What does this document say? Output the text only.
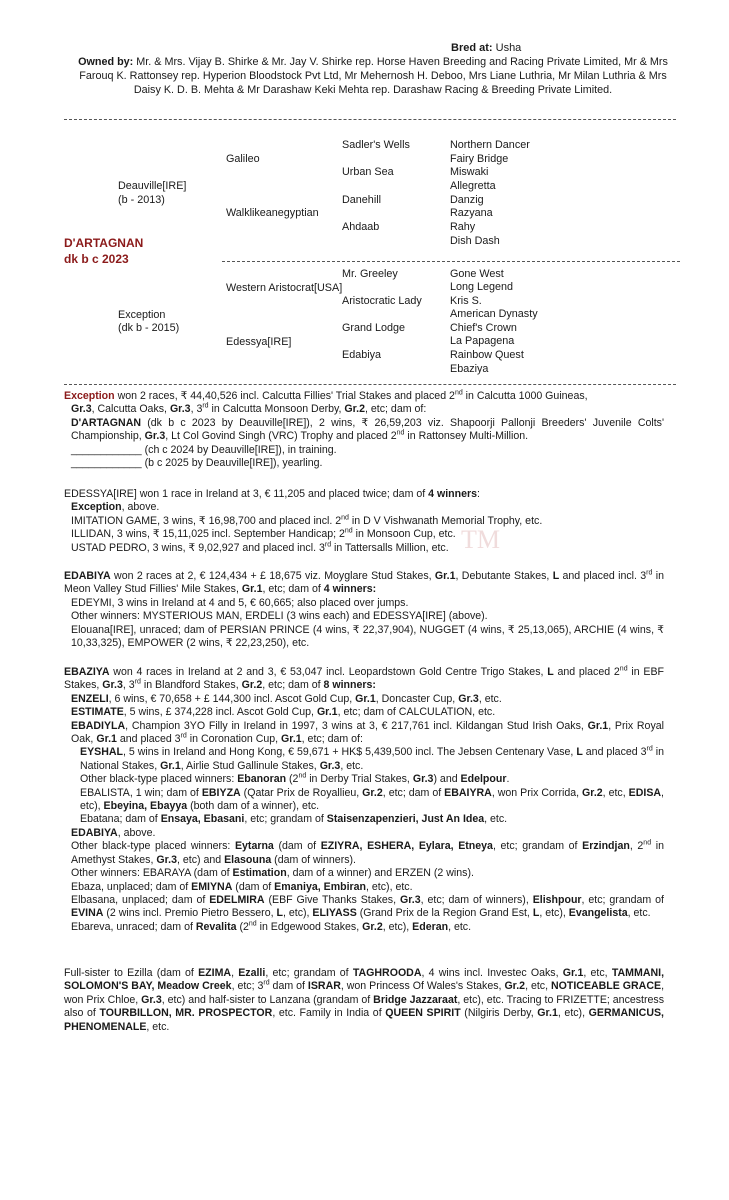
TM
Bred at: Usha
Owned by: Mr. & Mrs. Vijay B. Shirke & Mr. Jay V. Shirke rep. Horse Haven Breeding and Racing Private Limited, Mr & Mrs Farouq K. Rattonsey rep. Hyperion Bloodstock Pvt Ltd, Mr Mehernosh H. Deboo, Mrs Liane Luthria, Mr Milan Luthria & Mrs Daisy K. D. B. Mehta & Mr Darashaw Keki Mehta rep. Darashaw Racing & Breeding Private Limited.
Sadler's Wells
Urban Sea
Danehill
Ahdaab
Mr. Greeley
Aristocratic Lady
Grand Lodge
Edabiya
Northern Dancer
Fairy Bridge
Miswaki
Allegretta
Danzig
Razyana
Rahy
Dish Dash
Gone West
Long Legend
Kris S.
American Dynasty
Chief's Crown
La Papagena
Rainbow Quest
Ebaziya
Galileo
Walklikeanegyptian
Western Aristocrat[USA]
Edessya[IRE]
Deauville[IRE]
(b - 2013)
Exception
(dk b - 2015)
D'ARTAGNAN
dk b c 2023

Exception won 2 races, ₹ 44,40,526 incl. Calcutta Fillies' Trial Stakes and placed 2nd in Calcutta 1000 Guineas,
Gr.3, Calcutta Oaks, Gr.3, 3rd in Calcutta Monsoon Derby, Gr.2, etc; dam of:

D'ARTAGNAN (dk b c 2023 by Deauville[IRE]), 2 wins, ₹ 26,59,203 viz. Shapoorji Pallonji Breeders' Juvenile Colts' Championship, Gr.3, Lt Col Govind Singh (VRC) Trophy and placed 2nd in Rattonsey Multi-Million.

____________ (ch c 2024 by Deauville[IRE]), in training.

____________ (b c 2025 by Deauville[IRE]), yearling.

EDESSYA[IRE] won 1 race in Ireland at 3, € 11,205 and placed twice; dam of 4 winners:

Exception, above.

IMITATION GAME, 3 wins, ₹ 16,98,700 and placed incl. 2nd in D V Vishwanath Memorial Trophy, etc.

ILLIDAN, 3 wins, ₹ 15,11,025 incl. September Handicap; 2nd in Monsoon Cup, etc.

USTAD PEDRO, 3 wins, ₹ 9,02,927 and placed incl. 3rd in Tattersalls Million, etc.

EDABIYA won 2 races at 2, € 124,434 + £ 18,675 viz. Moyglare Stud Stakes, Gr.1, Debutante Stakes, L and placed incl. 3rd in Meon Valley Stud Fillies' Mile Stakes, Gr.1, etc; dam of 4 winners:

EDEYMI, 3 wins in Ireland at 4 and 5, € 60,665; also placed over jumps.

Other winners: MYSTERIOUS MAN, ERDELI (3 wins each) and EDESSYA[IRE] (above).

Elouana[IRE], unraced; dam of PERSIAN PRINCE (4 wins, ₹ 22,37,904), NUGGET (4 wins, ₹ 25,13,065), ARCHIE (4 wins, ₹ 10,33,325), EMPOWER (2 wins, ₹ 22,23,250), etc.

EBAZIYA won 4 races in Ireland at 2 and 3, € 53,047 incl. Leopardstown Gold Centre Trigo Stakes, L and placed 2nd in EBF Stakes, Gr.3, 3rd in Blandford Stakes, Gr.2, etc; dam of 8 winners:

ENZELI, 6 wins, € 70,658 + £ 144,300 incl. Ascot Gold Cup, Gr.1, Doncaster Cup, Gr.3, etc.

ESTIMATE, 5 wins, £ 374,228 incl. Ascot Gold Cup, Gr.1, etc; dam of CALCULATION, etc.

EBADIYLA, Champion 3YO Filly in Ireland in 1997, 3 wins at 3, € 217,761 incl. Kildangan Stud Irish Oaks, Gr.1, Prix Royal Oak, Gr.1 and placed 3rd in Coronation Cup, Gr.1, etc; dam of:

EYSHAL, 5 wins in Ireland and Hong Kong, € 59,671 + HK$ 5,439,500 incl. The Jebsen Centenary Vase, L and placed 3rd in National Stakes, Gr.1, Airlie Stud Gallinule Stakes, Gr.3, etc.

Other black-type placed winners: Ebanoran (2nd in Derby Trial Stakes, Gr.3) and Edelpour.

EBALISTA, 1 win; dam of EBIYZA (Qatar Prix de Royallieu, Gr.2, etc; dam of EBAIYRA, won Prix Corrida, Gr.2, etc, EDISA, etc), Ebeyina, Ebayya (both dam of a winner), etc.

Ebatana; dam of Ensaya, Ebasani, etc; grandam of Staisenzapenzieri, Just An Idea, etc.

EDABIYA, above.

Other black-type placed winners: Eytarna (dam of EZIYRA, ESHERA, Eylara, Etneya, etc; grandam of Erzindjan, 2nd in Amethyst Stakes, Gr.3, etc) and Elasouna (dam of winners).

Other winners: EBARAYA (dam of Estimation, dam of a winner) and ERZEN (2 wins).

Ebaza, unplaced; dam of EMIYNA (dam of Emaniya, Embiran, etc), etc.

Elbasana, unplaced; dam of EDELMIRA (EBF Give Thanks Stakes, Gr.3, etc; dam of winners), Elishpour, etc; grandam of EVINA (2 wins incl. Premio Pietro Bessero, L, etc), ELIYASS (Grand Prix de la Region Grand Est, L, etc), Evangelista, etc.

Ebareva, unraced; dam of Revalita (2nd in Edgewood Stakes, Gr.2, etc), Ederan, etc.

Full-sister to Ezilla (dam of EZIMA, Ezalli, etc; grandam of TAGHROODA, 4 wins incl. Investec Oaks, Gr.1, etc, TAMMANI, SOLOMON'S BAY, Meadow Creek, etc; 3rd dam of ISRAR, won Princess Of Wales's Stakes, Gr.2, etc, NOTICEABLE GRACE, won Prix Chloe, Gr.3, etc) and half-sister to Lanzana (grandam of Bridge Jazzaraat, etc), etc. Tracing to FRIZETTE; ancestress also of TOURBILLON, MR. PROSPECTOR, etc. Family in India of QUEEN SPIRIT (Nilgiris Derby, Gr.1, etc), GERMANICUS, PHENOMENALE, etc.
